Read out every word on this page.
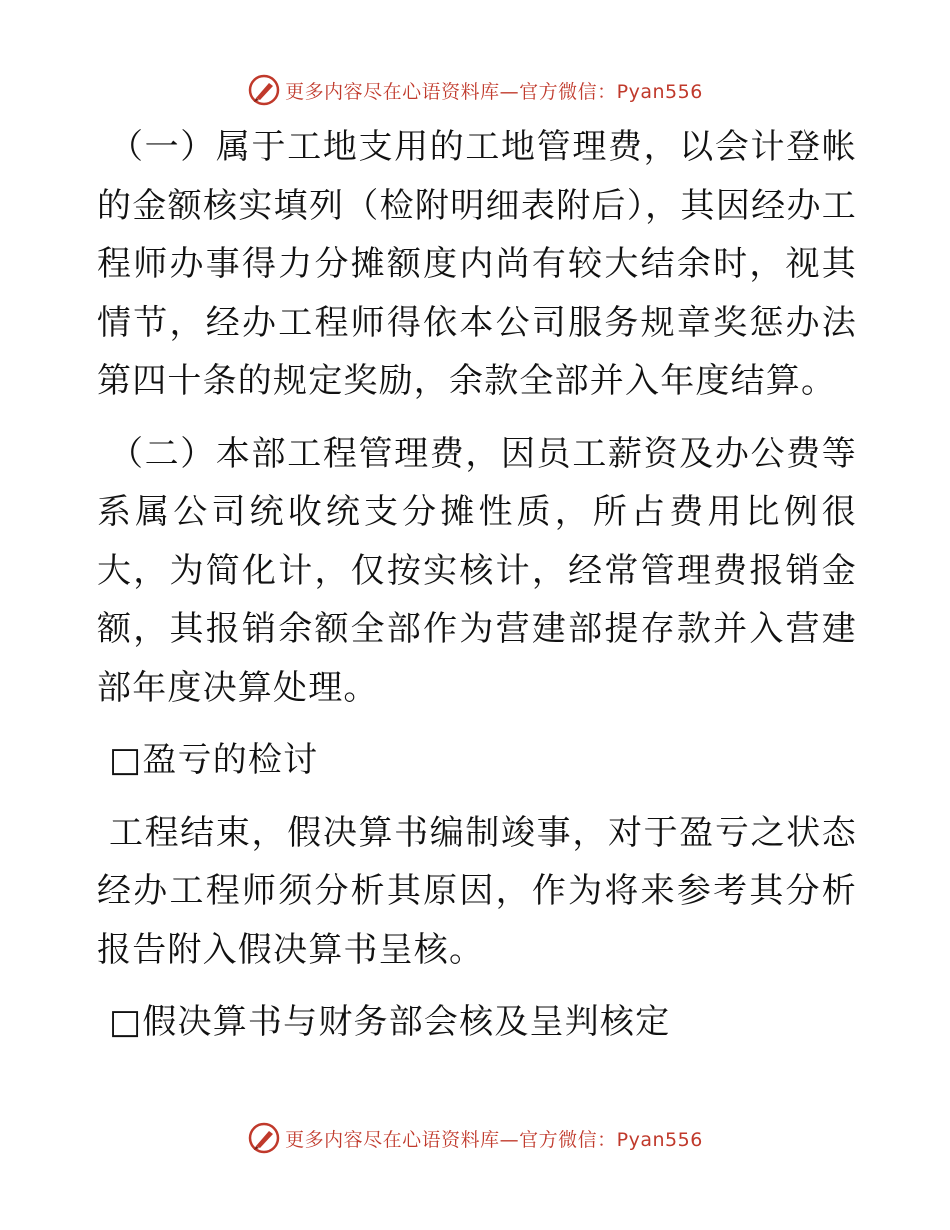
更多内容尽在心语资料库—官方微信：Pyan556

（一）属于工地支用的工地管理费，以会计登帐的金额核实填列（检附明细表附后），其因经办工程师办事得力分摊额度内尚有较大结余时，视其情节，经办工程师得依本公司服务规章奖惩办法第四十条的规定奖励，余款全部并入年度结算。

（二）本部工程管理费，因员工薪资及办公费等系属公司统收统支分摊性质，所占费用比例很大，为简化计，仅按实核计，经常管理费报销金额，其报销余额全部作为营建部提存款并入营建部年度决算处理。

□盈亏的检讨

工程结束，假决算书编制竣事，对于盈亏之状态经办工程师须分析其原因，作为将来参考其分析报告附入假决算书呈核。

□假决算书与财务部会核及呈判核定

更多内容尽在心语资料库—官方微信：Pyan556
